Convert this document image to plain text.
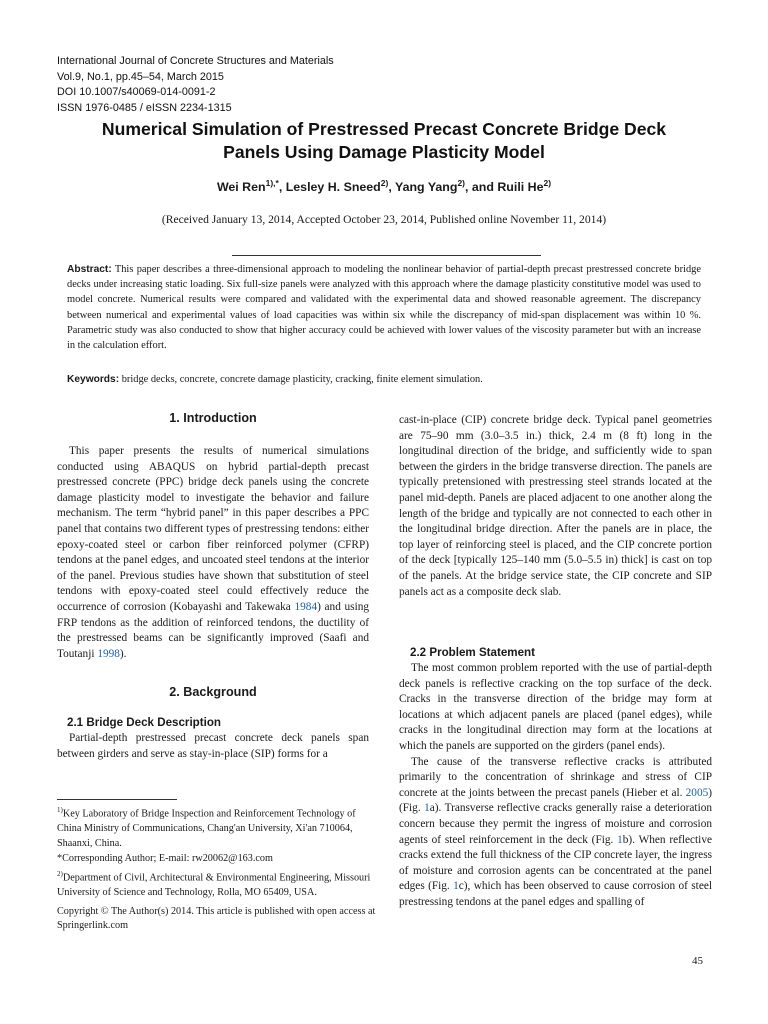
International Journal of Concrete Structures and Materials
Vol.9, No.1, pp.45–54, March 2015
DOI 10.1007/s40069-014-0091-2
ISSN 1976-0485 / eISSN 2234-1315
Numerical Simulation of Prestressed Precast Concrete Bridge Deck
Panels Using Damage Plasticity Model
Wei Ren$^{1),*}$, Lesley H. Sneed$^{2)}$, Yang Yang$^{2)}$, and Ruili He$^{2)}$
(Received January 13, 2014, Accepted October 23, 2014, Published online November 11, 2014)
Abstract: This paper describes a three-dimensional approach to modeling the nonlinear behavior of partial-depth precast prestressed concrete bridge decks under increasing static loading. Six full-size panels were analyzed with this approach where the damage plasticity constitutive model was used to model concrete. Numerical results were compared and validated with the experimental data and showed reasonable agreement. The discrepancy between numerical and experimental values of load capacities was within six while the discrepancy of mid-span displacement was within 10 %. Parametric study was also conducted to show that higher accuracy could be achieved with lower values of the viscosity parameter but with an increase in the calculation effort.
Keywords: bridge decks, concrete, concrete damage plasticity, cracking, finite element simulation.
1. Introduction

This paper presents the results of numerical simulations conducted using ABAQUS on hybrid partial-depth precast prestressed concrete (PPC) bridge deck panels using the concrete damage plasticity model to investigate the behavior and failure mechanism. The term “hybrid panel” in this paper describes a PPC panel that contains two different types of prestressing tendons: either epoxy-coated steel or carbon fiber reinforced polymer (CFRP) tendons at the panel edges, and uncoated steel tendons at the interior of the panel. Previous studies have shown that substitution of steel tendons with epoxy-coated steel could effectively reduce the occurrence of corrosion (Kobayashi and Takewaka 1984) and using FRP tendons as the addition of reinforced tendons, the ductility of the prestressed beams can be significantly improved (Saafi and Toutanji 1998).

2. Background
2.1 Bridge Deck Description

Partial-depth prestressed precast concrete deck panels span between girders and serve as stay-in-place (SIP) forms for a

$^{1)}$Key Laboratory of Bridge Inspection and Reinforcement Technology of China Ministry of Communications, Chang'an University, Xi'an 710064, Shaanxi, China.

*Corresponding Author; E-mail: rw20062@163.com

$^{2)}$Department of Civil, Architectural & Environmental Engineering, Missouri University of Science and Technology, Rolla, MO 65409, USA.

Copyright © The Author(s) 2014. This article is published with open access at Springerlink.com

cast-in-place (CIP) concrete bridge deck. Typical panel geometries are 75–90 mm (3.0–3.5 in.) thick, 2.4 m (8 ft) long in the longitudinal direction of the bridge, and sufficiently wide to span between the girders in the bridge transverse direction. The panels are typically pretensioned with prestressing steel strands located at the panel mid-depth. Panels are placed adjacent to one another along the length of the bridge and typically are not connected to each other in the longitudinal bridge direction. After the panels are in place, the top layer of reinforcing steel is placed, and the CIP concrete portion of the deck [typically 125–140 mm (5.0–5.5 in) thick] is cast on top of the panels. At the bridge service state, the CIP concrete and SIP panels act as a composite deck slab.

2.2 Problem Statement

The most common problem reported with the use of partial-depth deck panels is reflective cracking on the top surface of the deck. Cracks in the transverse direction of the bridge may form at locations at which adjacent panels are placed (panel edges), while cracks in the longitudinal direction may form at the locations at which the panels are supported on the girders (panel ends).

The cause of the transverse reflective cracks is attributed primarily to the concentration of shrinkage and stress of CIP concrete at the joints between the precast panels (Hieber et al. 2005) (Fig. 1a). Transverse reflective cracks generally raise a deterioration concern because they permit the ingress of moisture and corrosion agents of steel reinforcement in the deck (Fig. 1b). When reflective cracks extend the full thickness of the CIP concrete layer, the ingress of moisture and corrosion agents can be concentrated at the panel edges (Fig. 1c), which has been observed to cause corrosion of steel prestressing tendons at the panel edges and spalling of

45
